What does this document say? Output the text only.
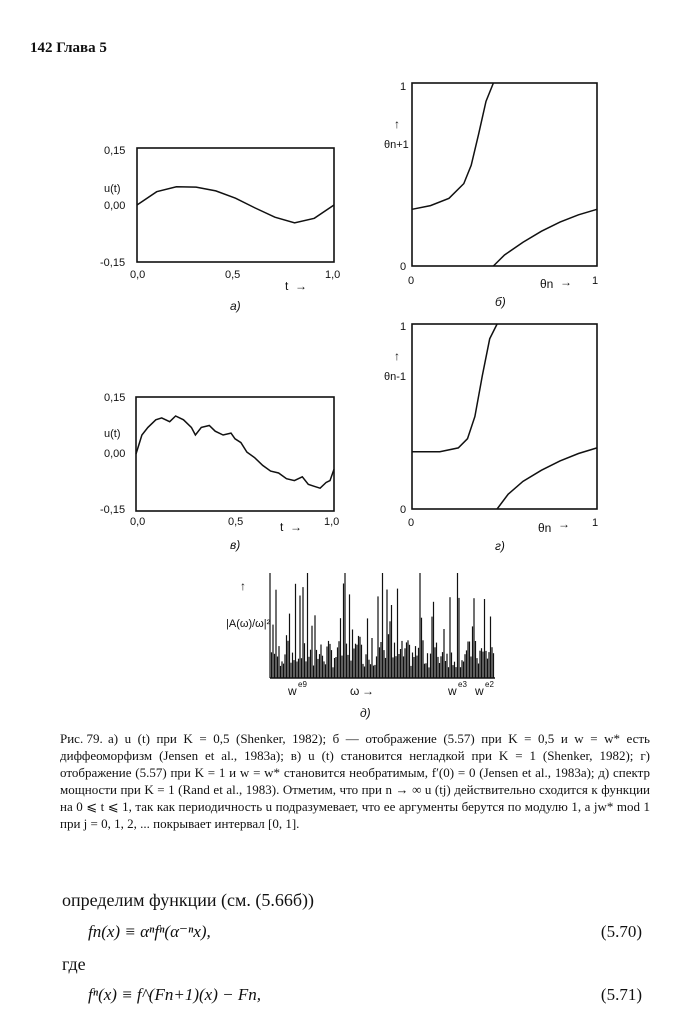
142 Глава 5
0,15
0,00
-0,15
u(t)
0,0	0,5	1,0
t →
а)
1
0
θn+1
↑
0	1
θn →
б)
0,15
0,00
-0,15
u(t)
0,0	0,5	1,0
t →
в)
1
0
θn-1
↑
0	1
θn →
г)
↑
|A(ω)/ω|²
w e9	ω →	w e3 w e2
д)
Рис. 79. а) u (t) при K = 0,5 (Shenker, 1982); б — отображение (5.57) при K = 0,5 и w = w* есть диффеоморфизм (Jensen et al., 1983a); в) u (t) становится негладкой при K = 1 (Shenker, 1982); г) отображение (5.57) при K = 1 и w = w* становится необратимым, f′(0) = 0 (Jensen et al., 1983a); д) спектр мощности при K = 1 (Rand et al., 1983). Отметим, что при n → ∞ u (tj) действительно сходится к функции на 0 ⩽ t ⩽ 1, так как периодичность u подразумевает, что ее аргументы берутся по модулю 1, а jw* mod 1 при j = 0, 1, 2, ... покрывает интервал [0, 1].
определим функции (см. (5.66б))
fn(x) ≡ αⁿfⁿ(α⁻ⁿx),	(5.70)
где
fⁿ(x) ≡ f^(Fn+1)(x) − Fn,	(5.71)
